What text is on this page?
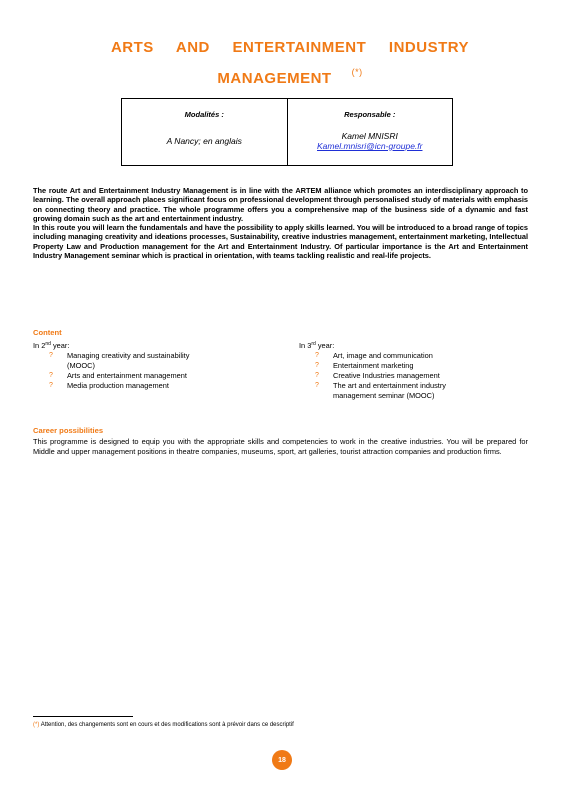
ARTS AND ENTERTAINMENT INDUSTRY
MANAGEMENT (*)
Modalités :
A Nancy; en anglais
Responsable :
Kamel MNISRI
Kamel.mnisri@icn-groupe.fr

The route Art and Entertainment Industry Management is in line with the ARTEM alliance which promotes an interdisciplinary approach to learning. The overall approach places significant focus on professional development through personalised study of materials with emphasis on connecting theory and practice. The whole programme offers you a comprehensive map of the business side of a dynamic and fast growing domain such as the art and entertainment industry.

In this route you will learn the fundamentals and have the possibility to apply skills learned. You will be introduced to a broad range of topics including managing creativity and ideations processes, Sustainability, creative industries management, entertainment marketing, Intellectual Property Law and Production management for the Art and Entertainment Industry. Of particular importance is the Art and Entertainment Industry Management seminar which is practical in orientation, with teams tackling realistic and real-life projects.

Content
In 2nd year:
? Managing creativity and sustainability (MOOC)
? Arts and entertainment management
? Media production management
In 3rd year:
? Art, image and communication
? Entertainment marketing
? Creative Industries management
? The art and entertainment industry management seminar (MOOC)
Career possibilities
This programme is designed to equip you with the appropriate skills and competencies to work in the creative industries. You will be prepared for Middle and upper management positions in theatre companies, museums, sport, art galleries, tourist attraction companies and production firms.
(*) Attention, des changements sont en cours et des modifications sont à prévoir dans ce descriptif
18
